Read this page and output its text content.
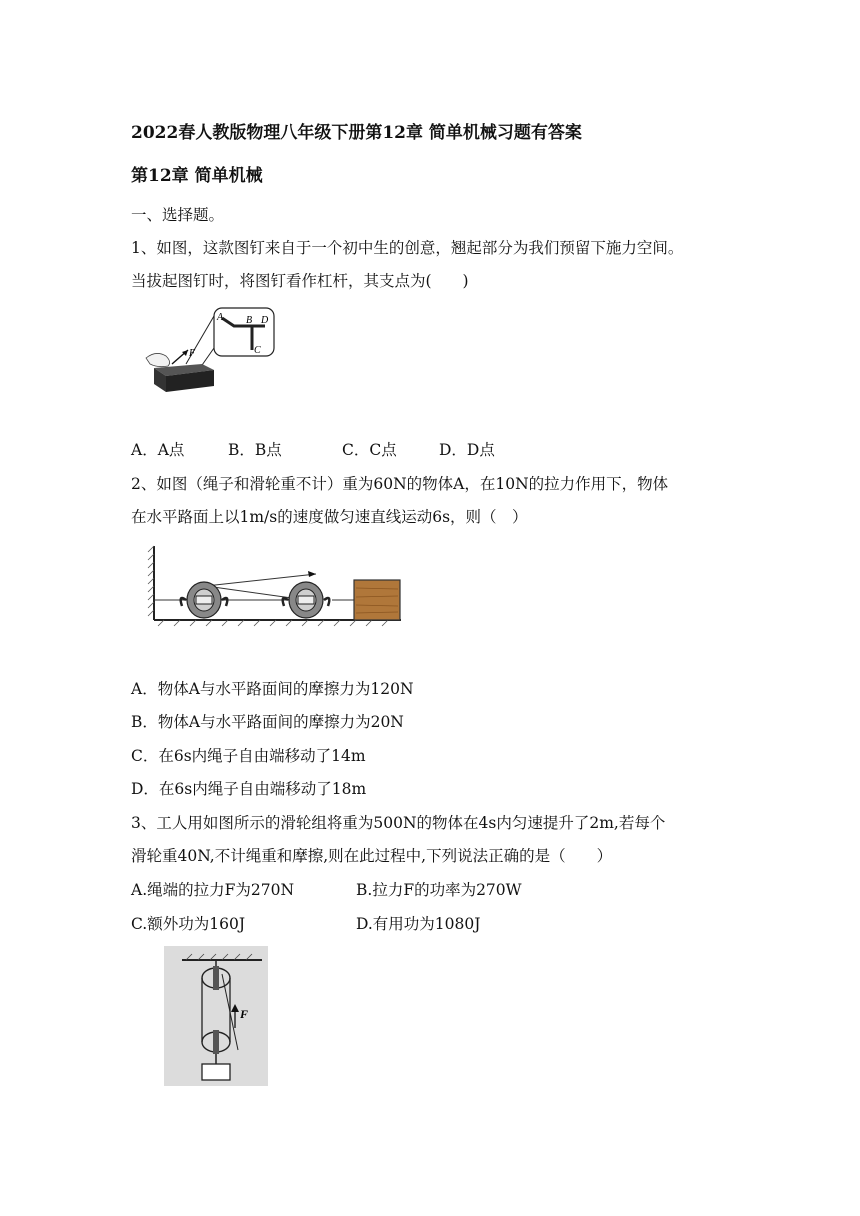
2022春人教版物理八年级下册第12章 简单机械习题有答案

第12章 简单机械

一、选择题。

1、如图，这款图钉来自于一个初中生的创意，翘起部分为我们预留下施力空间。

当拔起图钉时，将图钉看作杠杆，其支点为(　　)

A B D
C
F
A．A点	B．B点	C．C点	D．D点

2、如图（绳子和滑轮重不计）重为60N的物体A，在10N的拉力作用下，物体

在水平路面上以1m/s的速度做匀速直线运动6s，则（　）

A．物体A与水平路面间的摩擦力为120N

B．物体A与水平路面间的摩擦力为20N

C．在6s内绳子自由端移动了14m

D．在6s内绳子自由端移动了18m

3、工人用如图所示的滑轮组将重为500N的物体在4s内匀速提升了2m,若每个

滑轮重40N,不计绳重和摩擦,则在此过程中,下列说法正确的是（　　）

A.绳端的拉力F为270N	B.拉力F的功率为270W
C.额外功为160J	D.有用功为1080J
F
